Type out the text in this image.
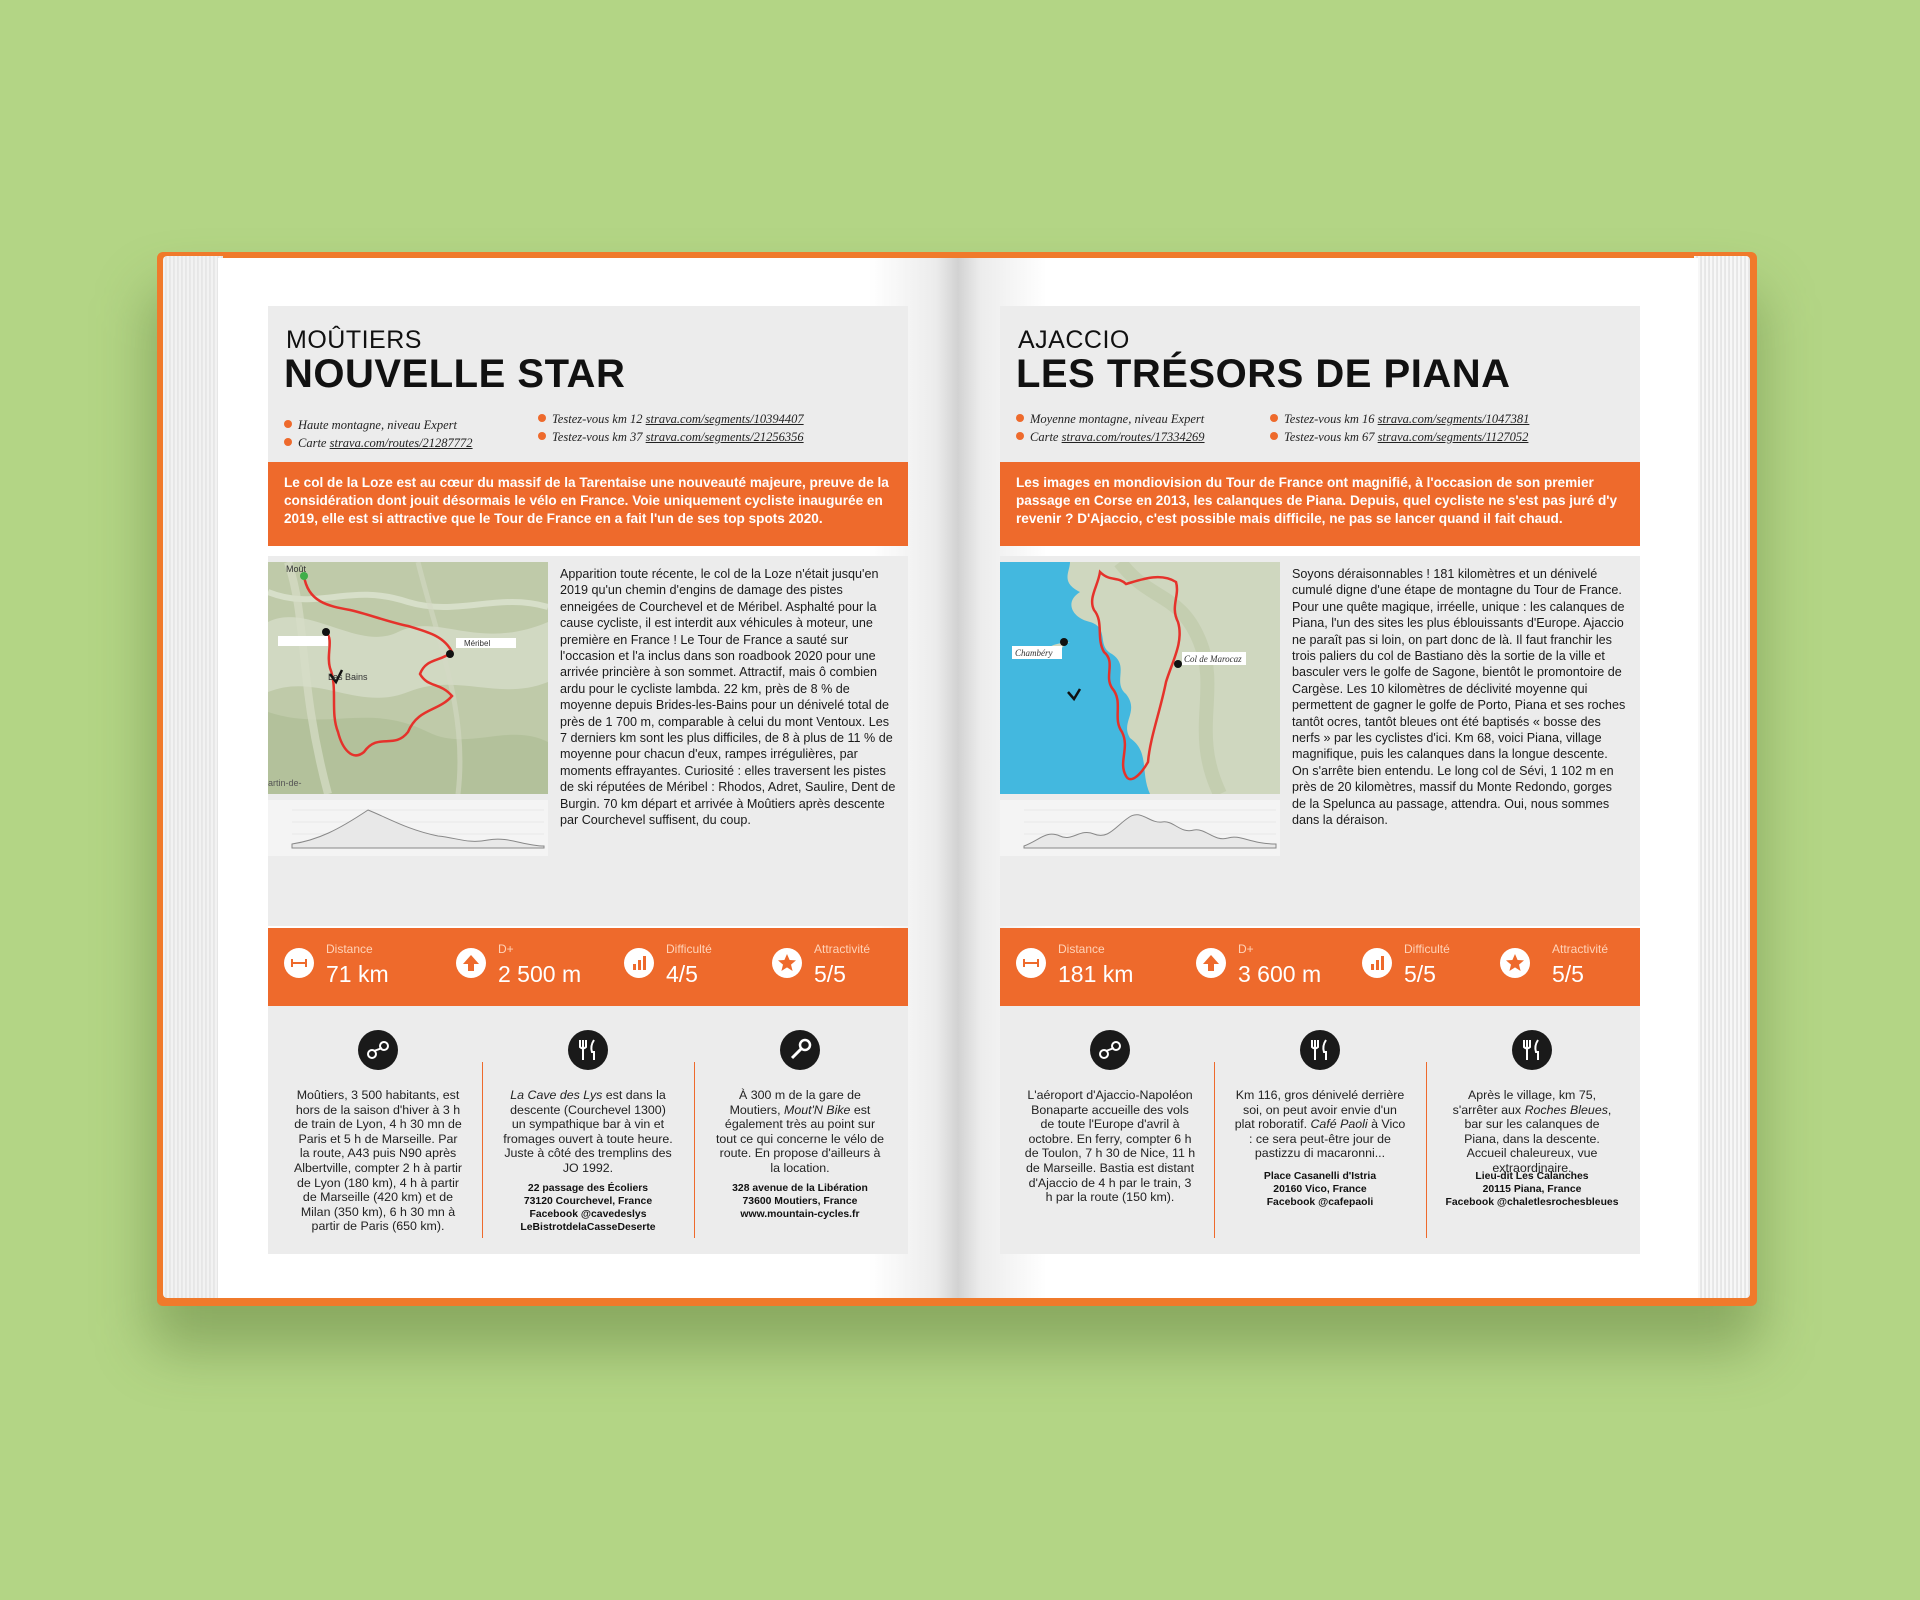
MOÛTIERS
NOUVELLE STAR
Haute montagne, niveau Expert
Carte strava.com/routes/21287772
Testez-vous km 12 strava.com/segments/10394407
Testez-vous km 37 strava.com/segments/21256356
Le col de la Loze est au cœur du massif de la Tarentaise une nouveauté majeure, preuve de la considération dont jouit désormais le vélo en France. Voie uniquement cycliste inaugurée en 2019, elle est si attractive que le Tour de France en a fait l'un de ses top spots 2020.
Moût
Les Bains
Méribel
artin-de-
Apparition toute récente, le col de la Loze n'était jusqu'en 2019 qu'un chemin d'engins de damage des pistes enneigées de Courchevel et de Méribel. Asphalté pour la cause cycliste, il est interdit aux véhicules à moteur, une première en France ! Le Tour de France a sauté sur l'occasion et l'a inclus dans son roadbook 2020 pour une arrivée princière à son sommet. Attractif, mais ô combien ardu pour le cycliste lambda. 22 km, près de 8 % de moyenne depuis Brides-les-Bains pour un dénivelé total de près de 1 700 m, comparable à celui du mont Ventoux. Les 7 derniers km sont les plus difficiles, de 8 à plus de 11 % de moyenne pour chacun d'eux, rampes irrégulières, par moments effrayantes. Curiosité : elles traversent les pistes de ski réputées de Méribel : Rhodos, Adret, Saulire, Dent de Burgin. 70 km départ et arrivée à Moûtiers après descente par Courchevel suffisent, du coup.
Distance
71 km
D+
2 500 m
Difficulté
4/5
Attractivité
5/5
Moûtiers, 3 500 habitants, est hors de la saison d'hiver à 3 h de train de Lyon, 4 h 30 mn de Paris et 5 h de Marseille. Par la route, A43 puis N90 après Albertville, compter 2 h à partir de Lyon (180 km), 4 h à partir de Marseille (420 km) et de Milan (350 km), 6 h 30 mn à partir de Paris (650 km).
La Cave des Lys est dans la descente (Courchevel 1300) un sympathique bar à vin et fromages ouvert à toute heure. Juste à côté des tremplins des JO 1992.
22 passage des Écoliers
73120 Courchevel, France
Facebook @cavedeslys
LeBistrotdelaCasseDeserte
À 300 m de la gare de Moutiers, Mout'N Bike est également très au point sur tout ce qui concerne le vélo de route. En propose d'ailleurs à la location.
328 avenue de la Libération
73600 Moutiers, France
www.mountain-cycles.fr
AJACCIO
LES TRÉSORS DE PIANA
Moyenne montagne, niveau Expert
Carte strava.com/routes/17334269
Testez-vous km 16 strava.com/segments/1047381
Testez-vous km 67 strava.com/segments/1127052
Les images en mondiovision du Tour de France ont magnifié, à l'occasion de son premier passage en Corse en 2013, les calanques de Piana. Depuis, quel cycliste ne s'est pas juré d'y revenir ? D'Ajaccio, c'est possible mais difficile, ne pas se lancer quand il fait chaud.
Chambéry
Col de Marocaz
Soyons déraisonnables ! 181 kilomètres et un dénivelé cumulé digne d'une étape de montagne du Tour de France. Pour une quête magique, irréelle, unique : les calanques de Piana, l'un des sites les plus éblouissants d'Europe. Ajaccio ne paraît pas si loin, on part donc de là. Il faut franchir les trois paliers du col de Bastiano dès la sortie de la ville et basculer vers le golfe de Sagone, bientôt le promontoire de Cargèse. Les 10 kilomètres de déclivité moyenne qui permettent de gagner le golfe de Porto, Piana et ses roches tantôt ocres, tantôt bleues ont été baptisés « bosse des nerfs » par les cyclistes d'ici. Km 68, voici Piana, village magnifique, puis les calanques dans la longue descente. On s'arrête bien entendu. Le long col de Sévi, 1 102 m en près de 20 kilomètres, massif du Monte Redondo, gorges de la Spelunca au passage, attendra. Oui, nous sommes dans la déraison.
Distance
181 km
D+
3 600 m
Difficulté
5/5
Attractivité
5/5
L'aéroport d'Ajaccio-Napoléon Bonaparte accueille des vols de toute l'Europe d'avril à octobre. En ferry, compter 6 h de Toulon, 7 h 30 de Nice, 11 h de Marseille. Bastia est distant d'Ajaccio de 4 h par le train, 3 h par la route (150 km).
Km 116, gros dénivelé derrière soi, on peut avoir envie d'un plat roboratif. Café Paoli à Vico : ce sera peut-être jour de pastizzu di macaronni...
Place Casanelli d'Istria
20160 Vico, France
Facebook @cafepaoli
Après le village, km 75, s'arrêter aux Roches Bleues, bar sur les calanques de Piana, dans la descente. Accueil chaleureux, vue extraordinaire.
Lieu-dit Les Calanches
20115 Piana, France
Facebook @chaletlesrochesbleues
